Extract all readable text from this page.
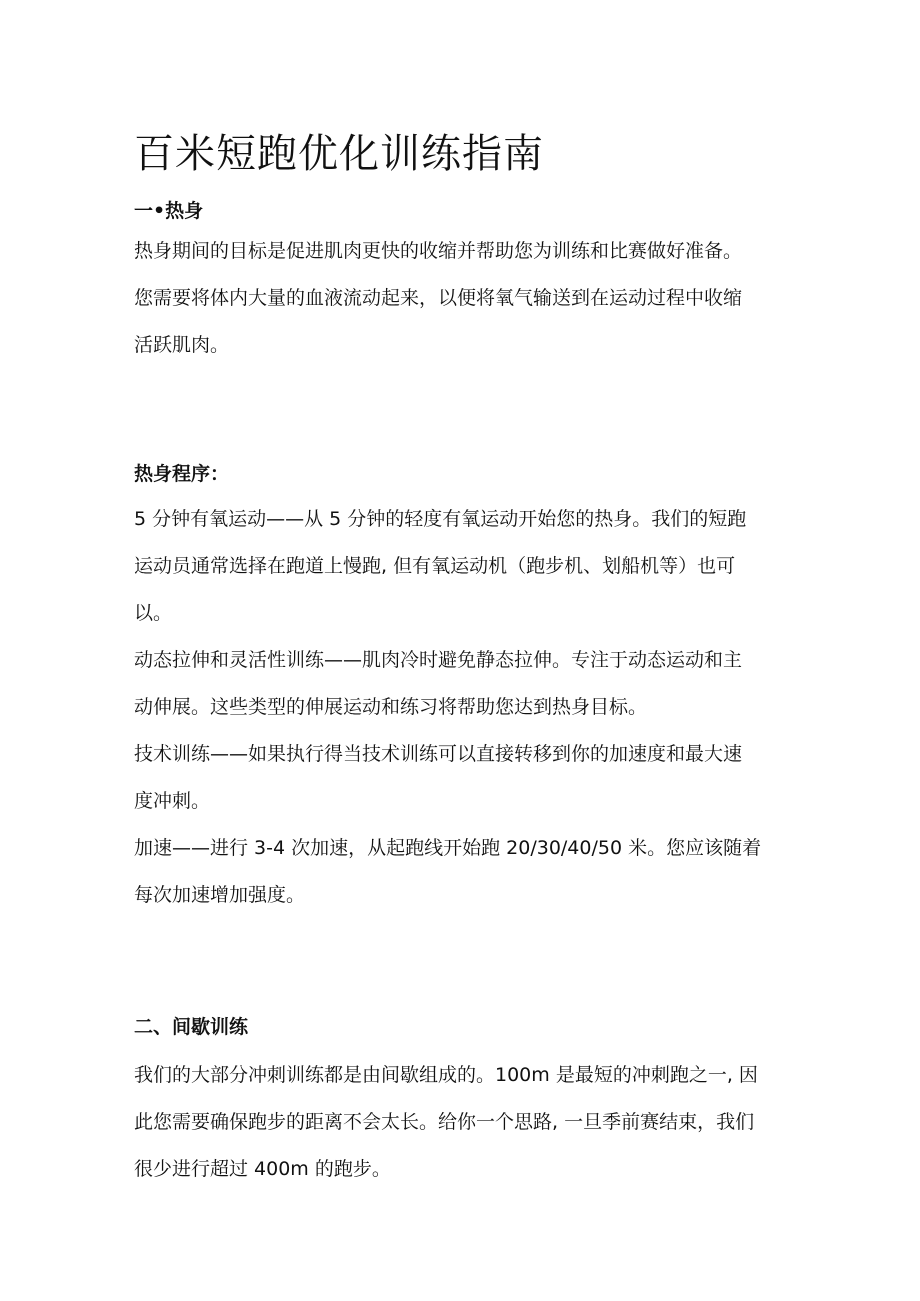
百米短跑优化训练指南
一•热身

热身期间的目标是促进肌肉更快的收缩并帮助您为训练和比赛做好准备。
您需要将体内大量的血液流动起来，以便将氧气输送到在运动过程中收缩
活跃肌肉。

热身程序：

5 分钟有氧运动——从 5 分钟的轻度有氧运动开始您的热身。我们的短跑
运动员通常选择在跑道上慢跑, 但有氧运动机（跑步机、划船机等）也可
以。
动态拉伸和灵活性训练——肌肉冷时避免静态拉伸。专注于动态运动和主
动伸展。这些类型的伸展运动和练习将帮助您达到热身目标。
技术训练——如果执行得当技术训练可以直接转移到你的加速度和最大速
度冲刺。
加速——进行 3-4 次加速，从起跑线开始跑 20/30/40/50 米。您应该随着
每次加速增加强度。

二、间歇训练

我们的大部分冲刺训练都是由间歇组成的。100m 是最短的冲刺跑之一, 因
此您需要确保跑步的距离不会太长。给你一个思路, 一旦季前赛结束，我们
很少进行超过 400m 的跑步。
